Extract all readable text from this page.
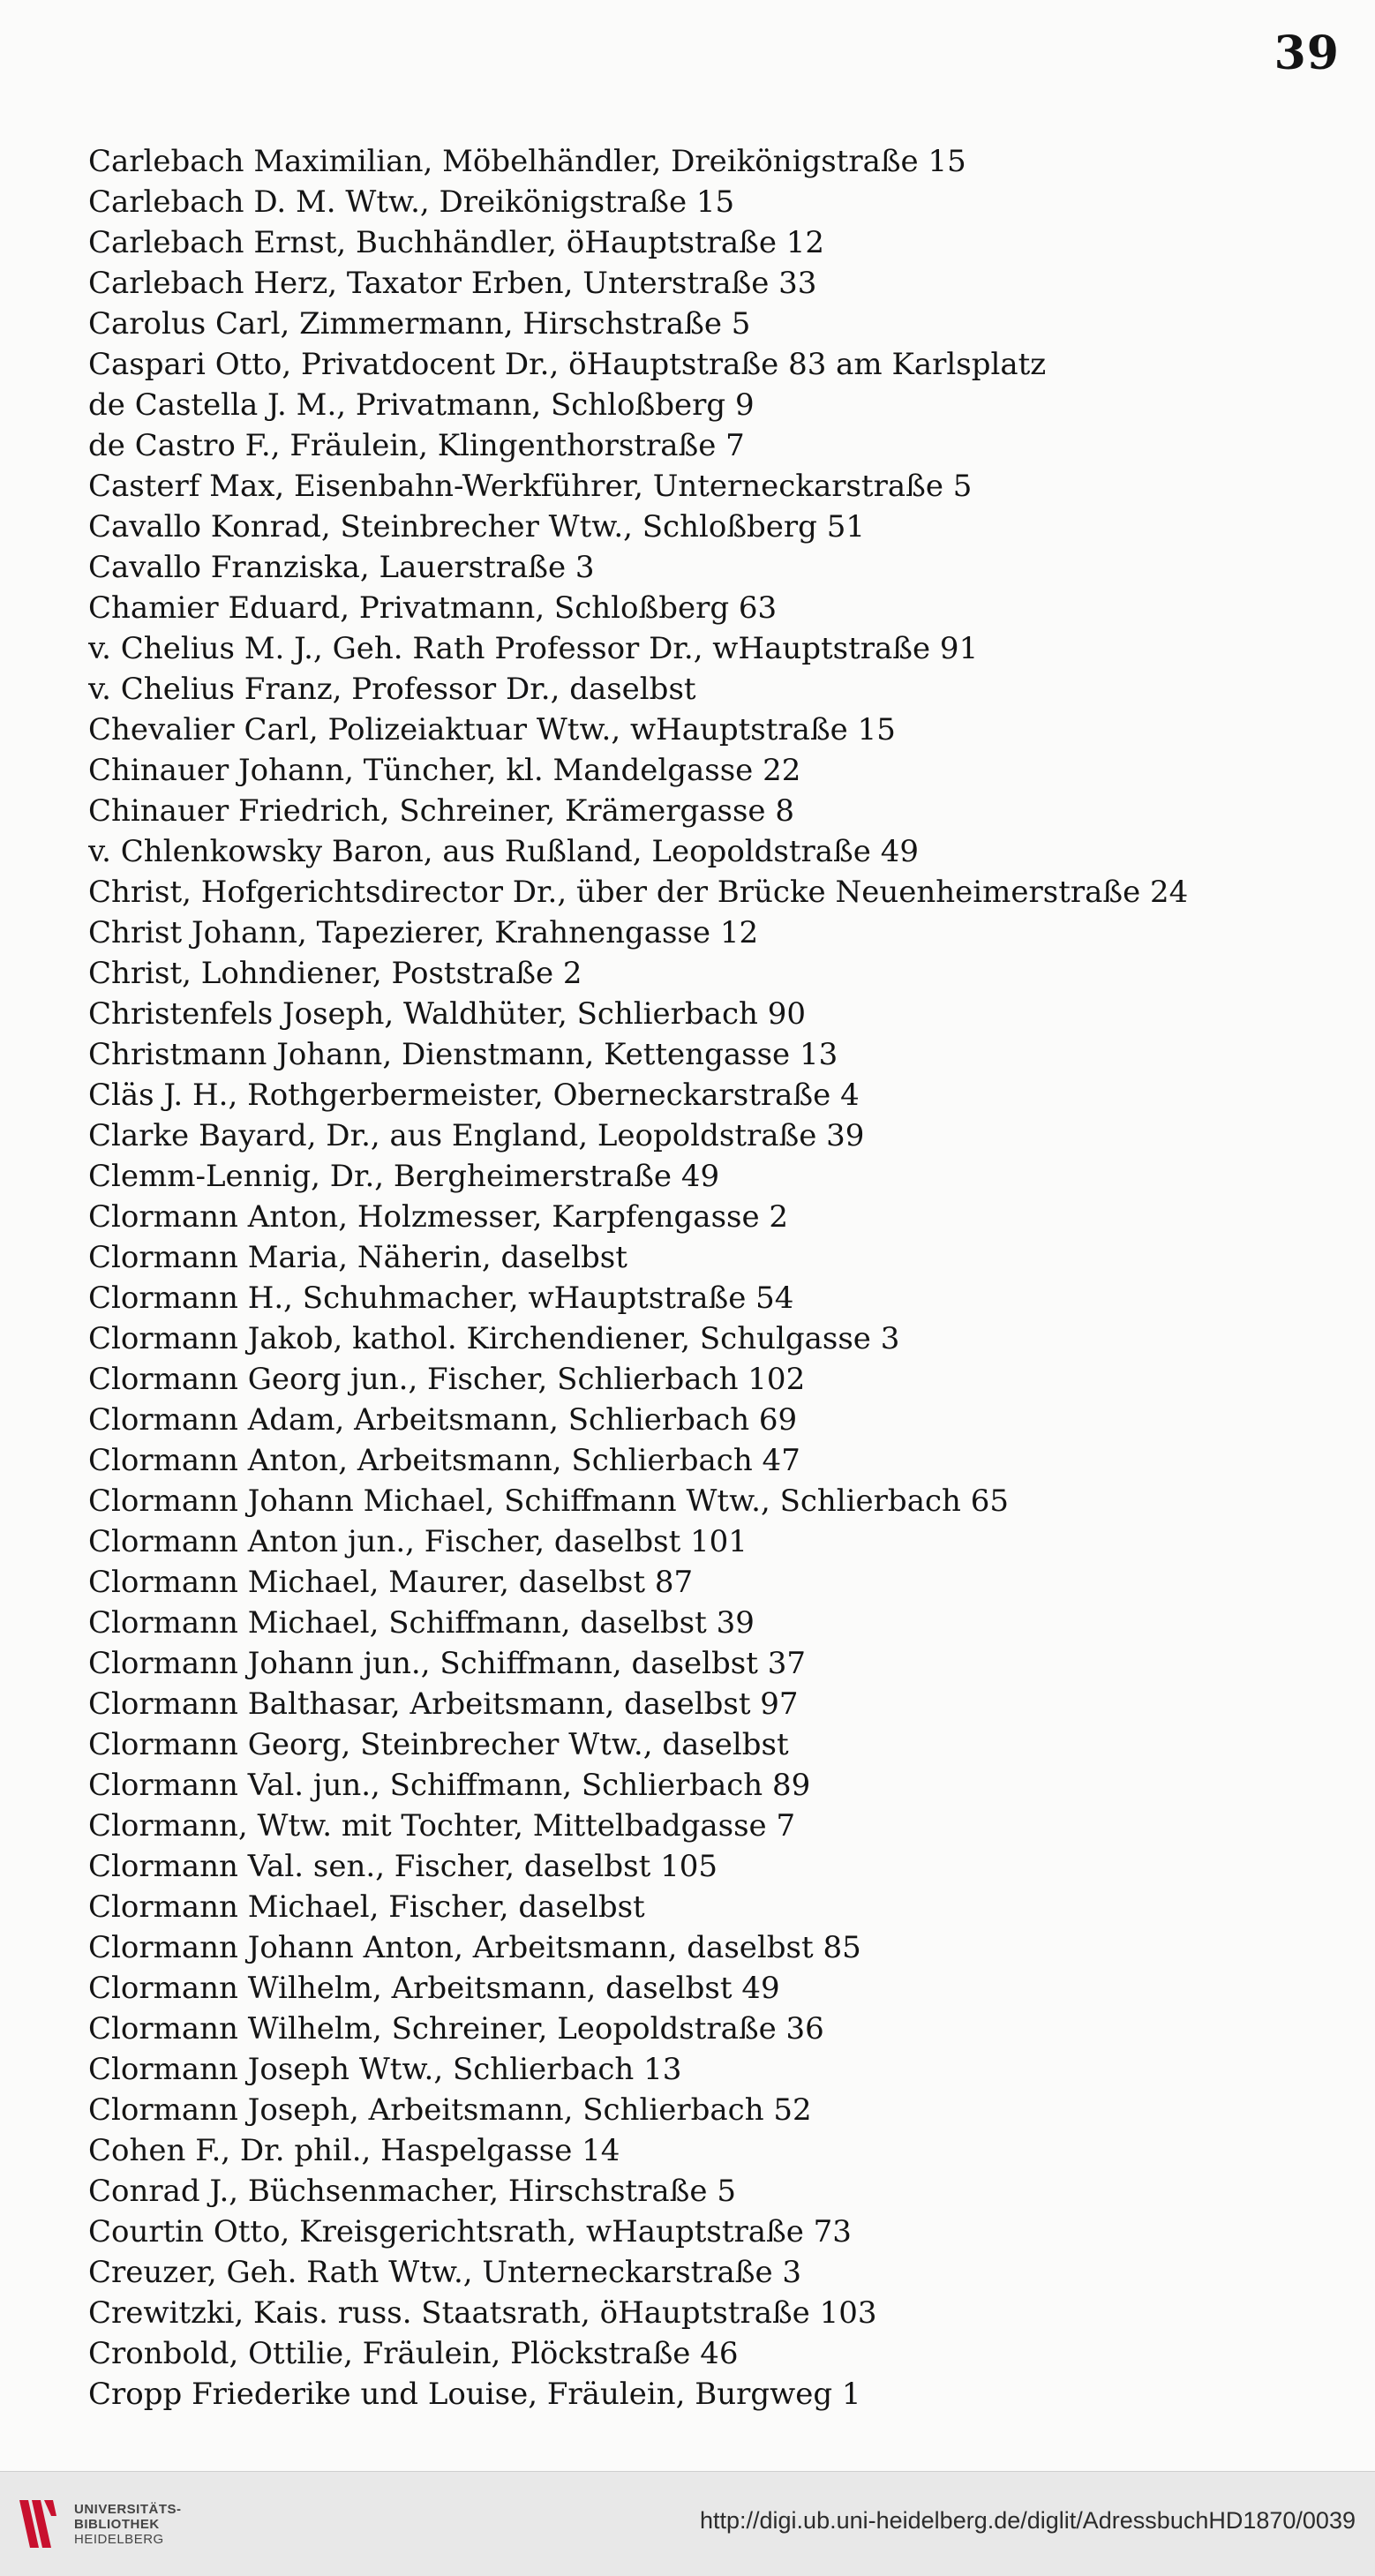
39
Carlebach Maximilian, Möbelhändler, Dreikönigstraße 15
Carlebach D. M. Wtw., Dreikönigstraße 15
Carlebach Ernst, Buchhändler, öHauptstraße 12
Carlebach Herz, Taxator Erben, Unterstraße 33
Carolus Carl, Zimmermann, Hirschstraße 5
Caspari Otto, Privatdocent Dr., öHauptstraße 83 am Karlsplatz
de Castella J. M., Privatmann, Schloßberg 9
de Castro F., Fräulein, Klingenthorstraße 7
Casterf Max, Eisenbahn-Werkführer, Unterneckarstraße 5
Cavallo Konrad, Steinbrecher Wtw., Schloßberg 51
Cavallo Franziska, Lauerstraße 3
Chamier Eduard, Privatmann, Schloßberg 63
v. Chelius M. J., Geh. Rath Professor Dr., wHauptstraße 91
v. Chelius Franz, Professor Dr., daselbst
Chevalier Carl, Polizeiaktuar Wtw., wHauptstraße 15
Chinauer Johann, Tüncher, kl. Mandelgasse 22
Chinauer Friedrich, Schreiner, Krämergasse 8
v. Chlenkowsky Baron, aus Rußland, Leopoldstraße 49
Christ, Hofgerichtsdirector Dr., über der Brücke Neuenheimerstraße 24
Christ Johann, Tapezierer, Krahnengasse 12
Christ, Lohndiener, Poststraße 2
Christenfels Joseph, Waldhüter, Schlierbach 90
Christmann Johann, Dienstmann, Kettengasse 13
Cläs J. H., Rothgerbermeister, Oberneckarstraße 4
Clarke Bayard, Dr., aus England, Leopoldstraße 39
Clemm-Lennig, Dr., Bergheimerstraße 49
Clormann Anton, Holzmesser, Karpfengasse 2
Clormann Maria, Näherin, daselbst
Clormann H., Schuhmacher, wHauptstraße 54
Clormann Jakob, kathol. Kirchendiener, Schulgasse 3
Clormann Georg jun., Fischer, Schlierbach 102
Clormann Adam, Arbeitsmann, Schlierbach 69
Clormann Anton, Arbeitsmann, Schlierbach 47
Clormann Johann Michael, Schiffmann Wtw., Schlierbach 65
Clormann Anton jun., Fischer, daselbst 101
Clormann Michael, Maurer, daselbst 87
Clormann Michael, Schiffmann, daselbst 39
Clormann Johann jun., Schiffmann, daselbst 37
Clormann Balthasar, Arbeitsmann, daselbst 97
Clormann Georg, Steinbrecher Wtw., daselbst
Clormann Val. jun., Schiffmann, Schlierbach 89
Clormann, Wtw. mit Tochter, Mittelbadgasse 7
Clormann Val. sen., Fischer, daselbst 105
Clormann Michael, Fischer, daselbst
Clormann Johann Anton, Arbeitsmann, daselbst 85
Clormann Wilhelm, Arbeitsmann, daselbst 49
Clormann Wilhelm, Schreiner, Leopoldstraße 36
Clormann Joseph Wtw., Schlierbach 13
Clormann Joseph, Arbeitsmann, Schlierbach 52
Cohen F., Dr. phil., Haspelgasse 14
Conrad J., Büchsenmacher, Hirschstraße 5
Courtin Otto, Kreisgerichtsrath, wHauptstraße 73
Creuzer, Geh. Rath Wtw., Unterneckarstraße 3
Crewitzki, Kais. russ. Staatsrath, öHauptstraße 103
Cronbold, Ottilie, Fräulein, Plöckstraße 46
Cropp Friederike und Louise, Fräulein, Burgweg 1
UNIVERSITÄTS-
BIBLIOTHEK
HEIDELBERG
http://digi.ub.uni-heidelberg.de/diglit/AdressbuchHD1870/0039
